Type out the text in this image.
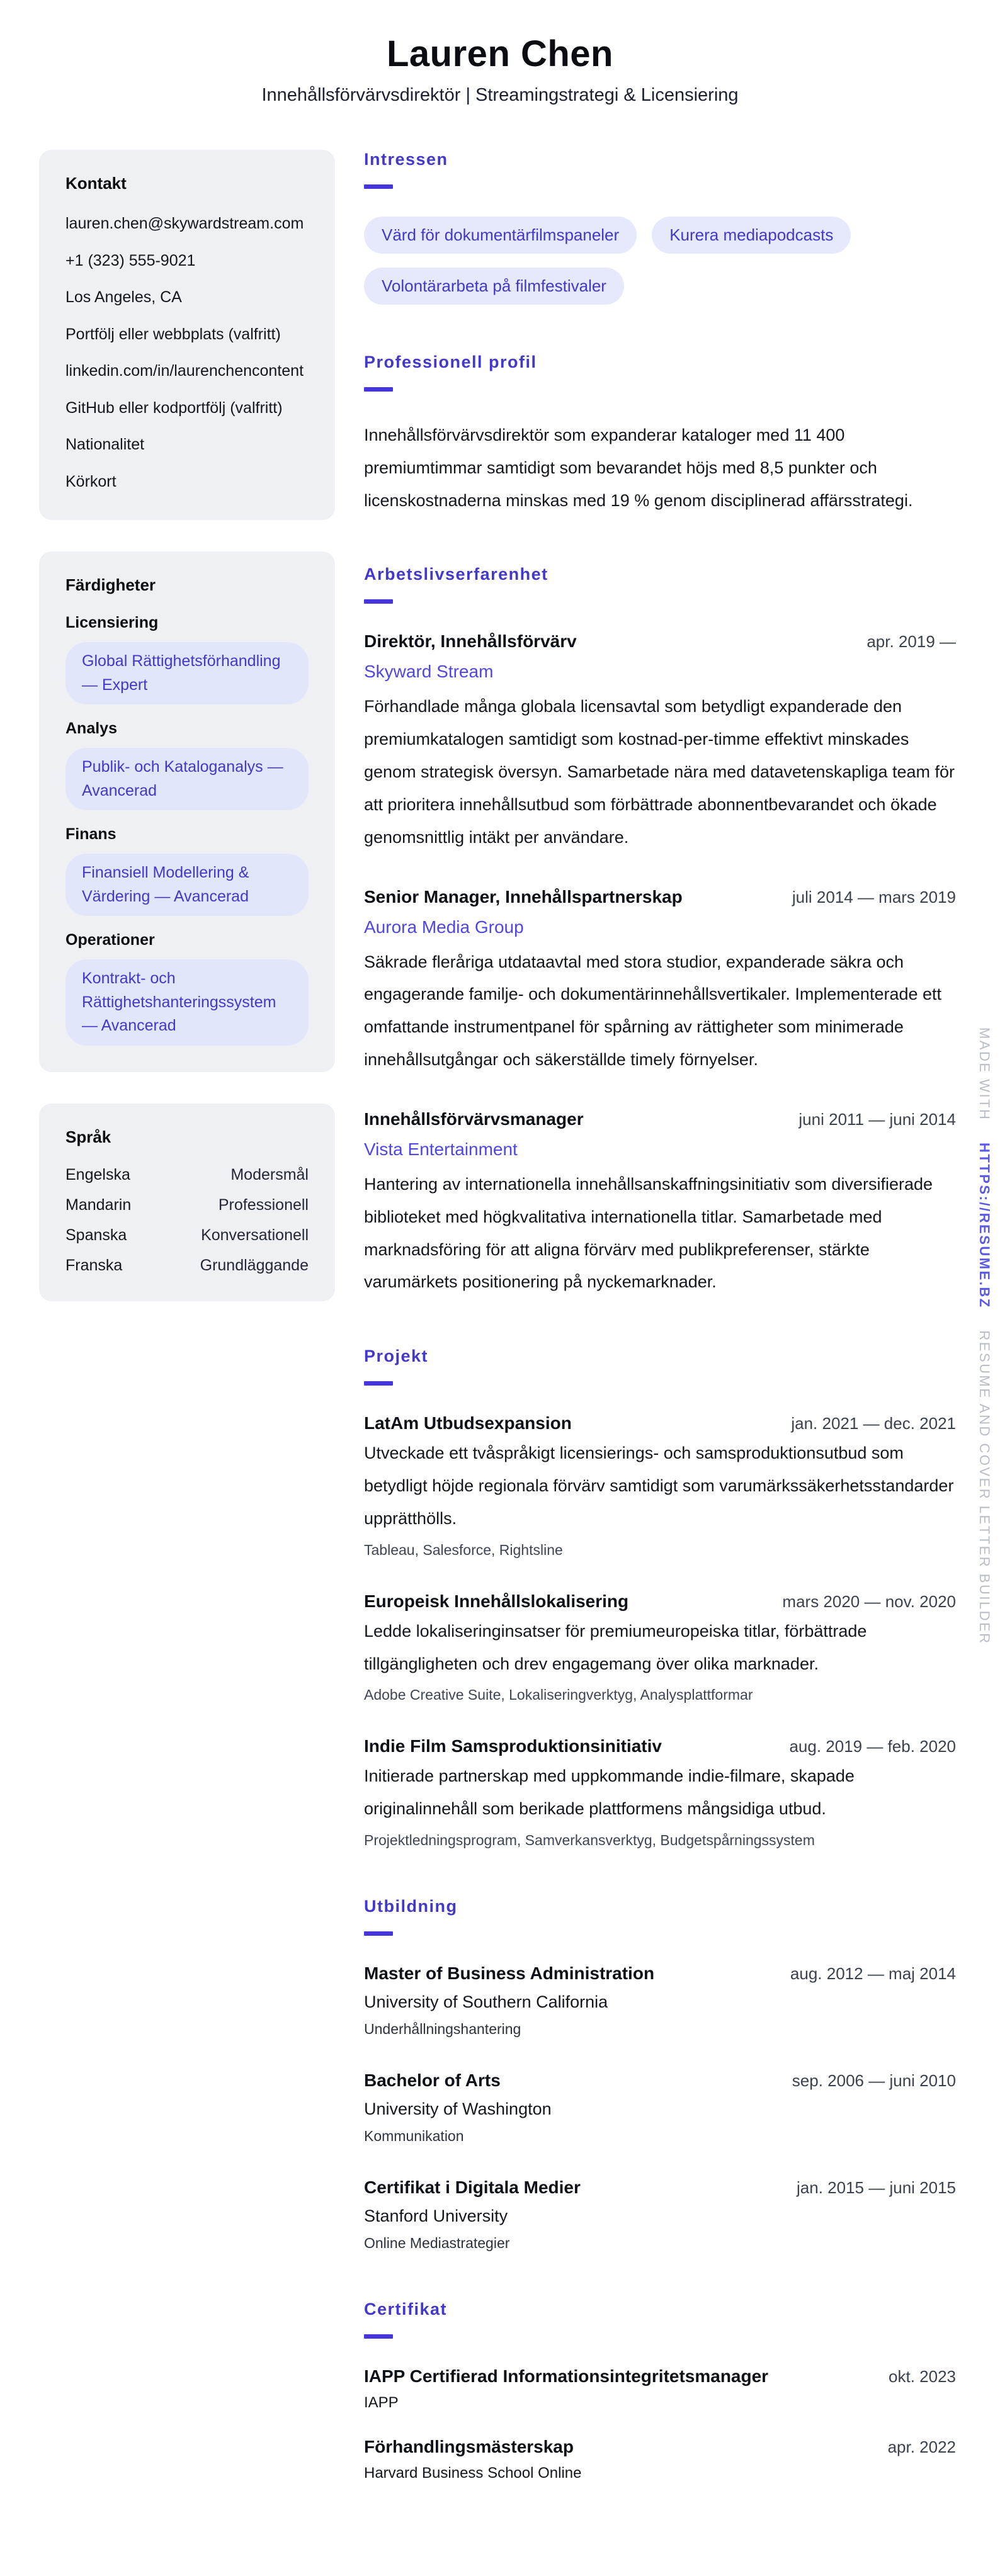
Lauren Chen
Innehållsförvärvsdirektör | Streamingstrategi & Licensiering
Kontakt
lauren.chen@skywardstream.com
+1 (323) 555-9021
Los Angeles, CA
Portfölj eller webbplats (valfritt)
linkedin.com/in/laurenchencontent
GitHub eller kodportfölj (valfritt)
Nationalitet
Körkort
Färdigheter
Licensiering
Global Rättighetsförhandling — Expert
Analys
Publik- och Kataloganalys — Avancerad
Finans
Finansiell Modellering & Värdering — Avancerad
Operationer
Kontrakt- och Rättighetshanteringssystem — Avancerad
Språk
Engelska	Modersmål
Mandarin	Professionell
Spanska	Konversationell
Franska	Grundläggande
Intressen
Värd för dokumentärfilmspaneler	Kurera mediapodcasts
Volontärarbeta på filmfestivaler
Professionell profil
Innehållsförvärvsdirektör som expanderar kataloger med 11 400 premiumtimmar samtidigt som bevarandet höjs med 8,5 punkter och licenskostnaderna minskas med 19 % genom disciplinerad affärsstrategi.
Arbetslivserfarenhet
Direktör, Innehållsförvärv	apr. 2019 —
Skyward Stream
Förhandlade många globala licensavtal som betydligt expanderade den premiumkatalogen samtidigt som kostnad-per-timme effektivt minskades genom strategisk översyn. Samarbetade nära med datavetenskapliga team för att prioritera innehållsutbud som förbättrade abonnentbevarandet och ökade genomsnittlig intäkt per användare.
Senior Manager, Innehållspartnerskap	juli 2014 — mars 2019
Aurora Media Group
Säkrade fleråriga utdataavtal med stora studior, expanderade säkra och engagerande familje- och dokumentärinnehållsvertikaler. Implementerade ett omfattande instrumentpanel för spårning av rättigheter som minimerade innehållsutgångar och säkerställde timely förnyelser.
Innehållsförvärvsmanager	juni 2011 — juni 2014
Vista Entertainment
Hantering av internationella innehållsanskaffningsinitiativ som diversifierade biblioteket med högkvalitativa internationella titlar. Samarbetade med marknadsföring för att aligna förvärv med publikpreferenser, stärkte varumärkets positionering på nyckemarknader.
Projekt
LatAm Utbudsexpansion	jan. 2021 — dec. 2021
Utveckade ett tvåspråkigt licensierings- och samsproduktionsutbud som betydligt höjde regionala förvärv samtidigt som varumärkssäkerhetsstandarder upprätthölls.
Tableau, Salesforce, Rightsline
Europeisk Innehållslokalisering	mars 2020 — nov. 2020
Ledde lokaliseringinsatser för premiumeuropeiska titlar, förbättrade tillgängligheten och drev engagemang över olika marknader.
Adobe Creative Suite, Lokaliseringverktyg, Analysplattformar
Indie Film Samsproduktionsinitiativ	aug. 2019 — feb. 2020
Initierade partnerskap med uppkommande indie-filmare, skapade originalinnehåll som berikade plattformens mångsidiga utbud.
Projektledningsprogram, Samverkansverktyg, Budgetspårningssystem
Utbildning
Master of Business Administration	aug. 2012 — maj 2014
University of Southern California
Underhållningshantering
Bachelor of Arts	sep. 2006 — juni 2010
University of Washington
Kommunikation
Certifikat i Digitala Medier	jan. 2015 — juni 2015
Stanford University
Online Mediastrategier
Certifikat
IAPP Certifierad Informationsintegritetsmanager	okt. 2023
IAPP
Förhandlingsmästerskap	apr. 2022
Harvard Business School Online
MADE WITH HTTPS://RESUME.BZ RESUME AND COVER LETTER BUILDER
